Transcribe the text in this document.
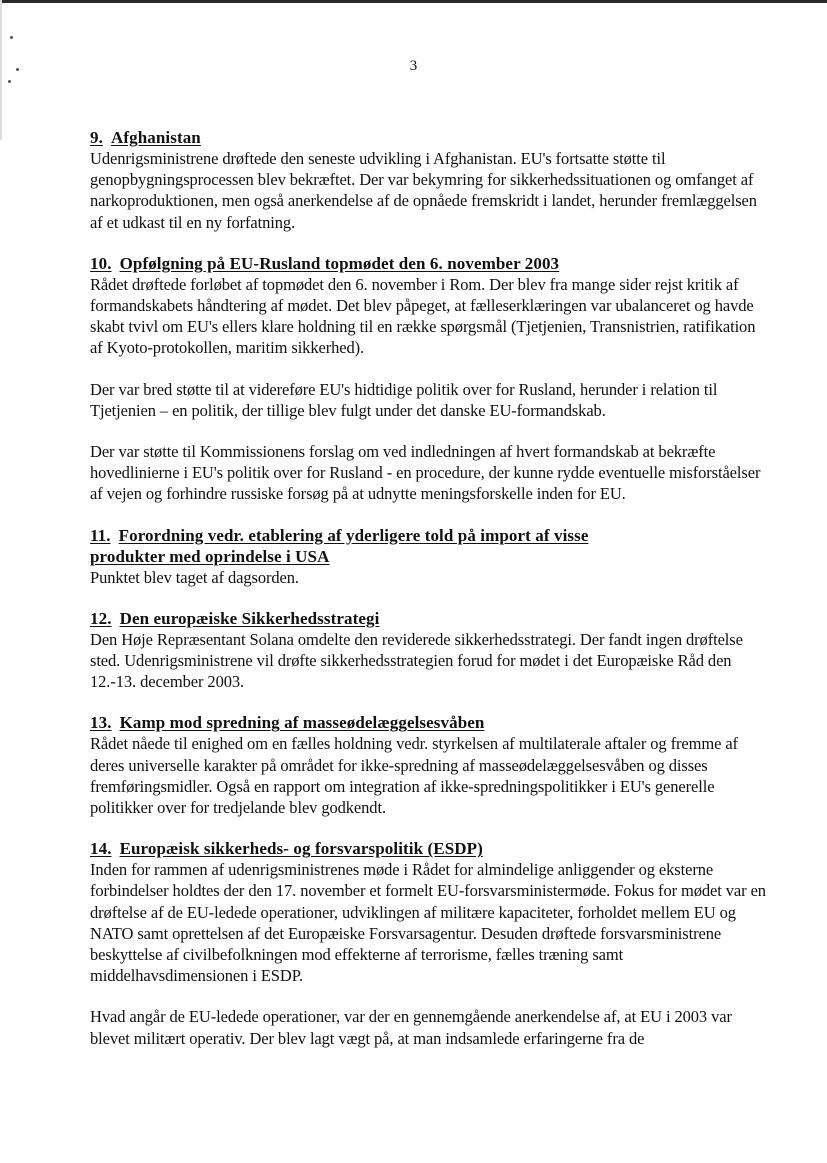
3

9. Afghanistan

Udenrigsministrene drøftede den seneste udvikling i Afghanistan. EU's fortsatte støtte til genopbygningsprocessen blev bekræftet. Der var bekymring for sikkerhedssituationen og omfanget af narkoproduktionen, men også anerkendelse af de opnåede fremskridt i landet, herunder fremlæggelsen af et udkast til en ny forfatning.

10. Opfølgning på EU-Rusland topmødet den 6. november 2003

Rådet drøftede forløbet af topmødet den 6. november i Rom. Der blev fra mange sider rejst kritik af formandskabets håndtering af mødet. Det blev påpeget, at fælleserklæringen var ubalanceret og havde skabt tvivl om EU's ellers klare holdning til en række spørgsmål (Tjetjenien, Transnistrien, ratifikation af Kyoto-protokollen, maritim sikkerhed).

Der var bred støtte til at videreføre EU's hidtidige politik over for Rusland, herunder i relation til Tjetjenien – en politik, der tillige blev fulgt under det danske EU-formandskab.

Der var støtte til Kommissionens forslag om ved indledningen af hvert formandskab at bekræfte hovedlinierne i EU's politik over for Rusland - en procedure, der kunne rydde eventuelle misforståelser af vejen og forhindre russiske forsøg på at udnytte meningsforskelle inden for EU.

11. Forordning vedr. etablering af yderligere told på import af visse produkter med oprindelse i USA

Punktet blev taget af dagsorden.

12. Den europæiske Sikkerhedsstrategi

Den Høje Repræsentant Solana omdelte den reviderede sikkerhedsstrategi. Der fandt ingen drøftelse sted. Udenrigsministrene vil drøfte sikkerhedsstrategien forud for mødet i det Europæiske Råd den 12.-13. december 2003.

13. Kamp mod spredning af masseødelæggelsesvåben

Rådet nåede til enighed om en fælles holdning vedr. styrkelsen af multilaterale aftaler og fremme af deres universelle karakter på området for ikke-spredning af masseødelæggelsesvåben og disses fremføringsmidler. Også en rapport om integration af ikke-spredningspolitikker i EU's generelle politikker over for tredjelande blev godkendt.

14. Europæisk sikkerheds- og forsvarspolitik (ESDP)

Inden for rammen af udenrigsministrenes møde i Rådet for almindelige anliggender og eksterne forbindelser holdtes der den 17. november et formelt EU-forsvarsministermøde. Fokus for mødet var en drøftelse af de EU-ledede operationer, udviklingen af militære kapaciteter, forholdet mellem EU og NATO samt oprettelsen af det Europæiske Forsvarsagentur. Desuden drøftede forsvarsministrene beskyttelse af civilbefolkningen mod effekterne af terrorisme, fælles træning samt middelhavsdimensionen i ESDP.

Hvad angår de EU-ledede operationer, var der en gennemgående anerkendelse af, at EU i 2003 var blevet militært operativ. Der blev lagt vægt på, at man indsamlede erfaringerne fra de
